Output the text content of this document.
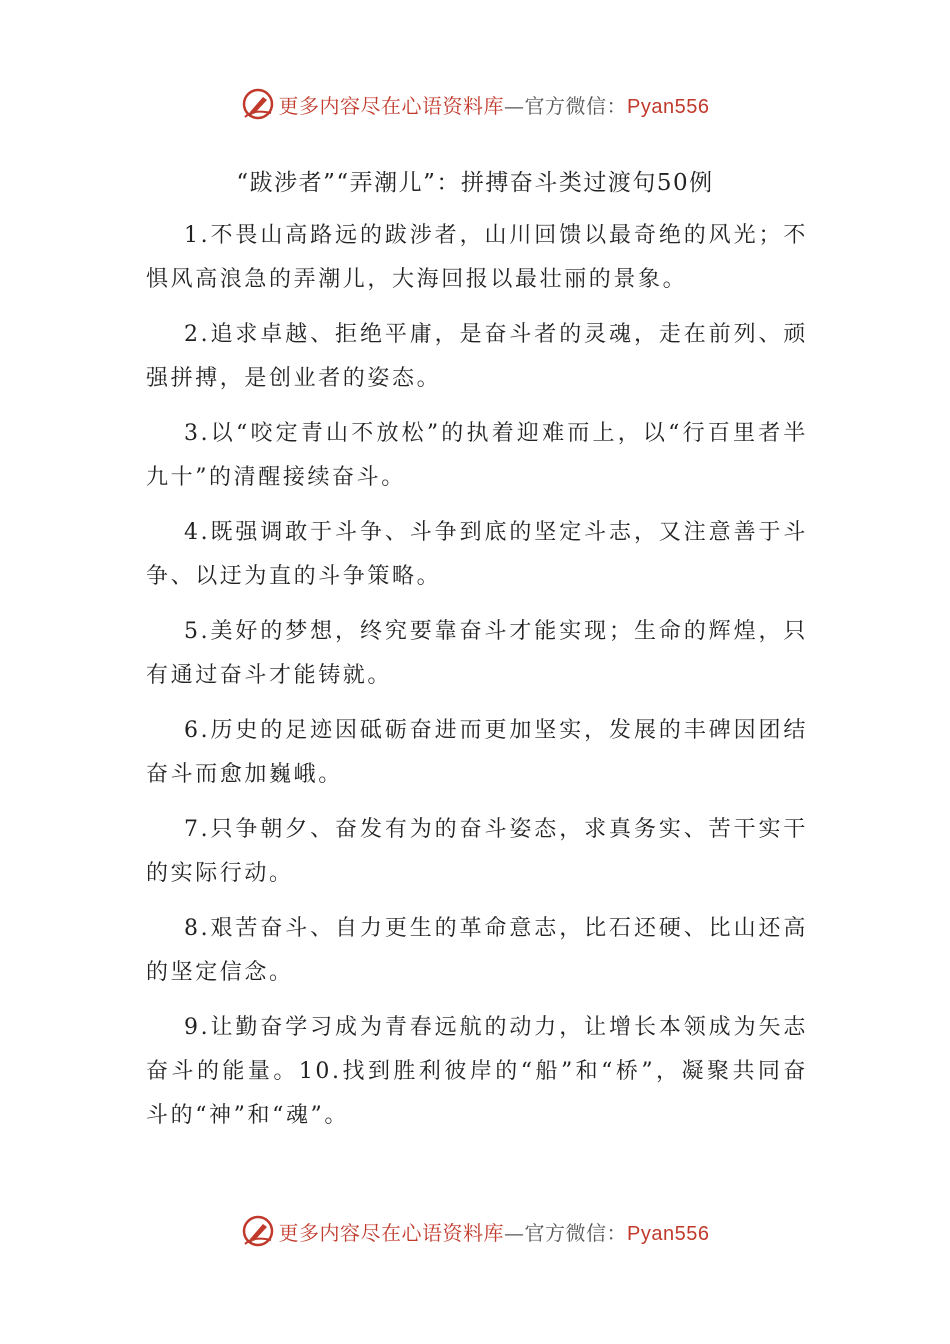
更多内容尽在心语资料库—官方微信：Pyan556
“跋涉者”“弄潮儿”：拼搏奋斗类过渡句50例

1.不畏山高路远的跋涉者，山川回馈以最奇绝的风光；不惧风高浪急的弄潮儿，大海回报以最壮丽的景象。

2.追求卓越、拒绝平庸，是奋斗者的灵魂，走在前列、顽强拼搏，是创业者的姿态。

3.以“咬定青山不放松”的执着迎难而上，以“行百里者半九十”的清醒接续奋斗。

4.既强调敢于斗争、斗争到底的坚定斗志，又注意善于斗争、以迂为直的斗争策略。

5.美好的梦想，终究要靠奋斗才能实现；生命的辉煌，只有通过奋斗才能铸就。

6.历史的足迹因砥砺奋进而更加坚实，发展的丰碑因团结奋斗而愈加巍峨。

7.只争朝夕、奋发有为的奋斗姿态，求真务实、苦干实干的实际行动。

8.艰苦奋斗、自力更生的革命意志，比石还硬、比山还高的坚定信念。

9.让勤奋学习成为青春远航的动力，让增长本领成为矢志奋斗的能量。10.找到胜利彼岸的“船”和“桥”，凝聚共同奋斗的“神”和“魂”。

更多内容尽在心语资料库—官方微信：Pyan556
